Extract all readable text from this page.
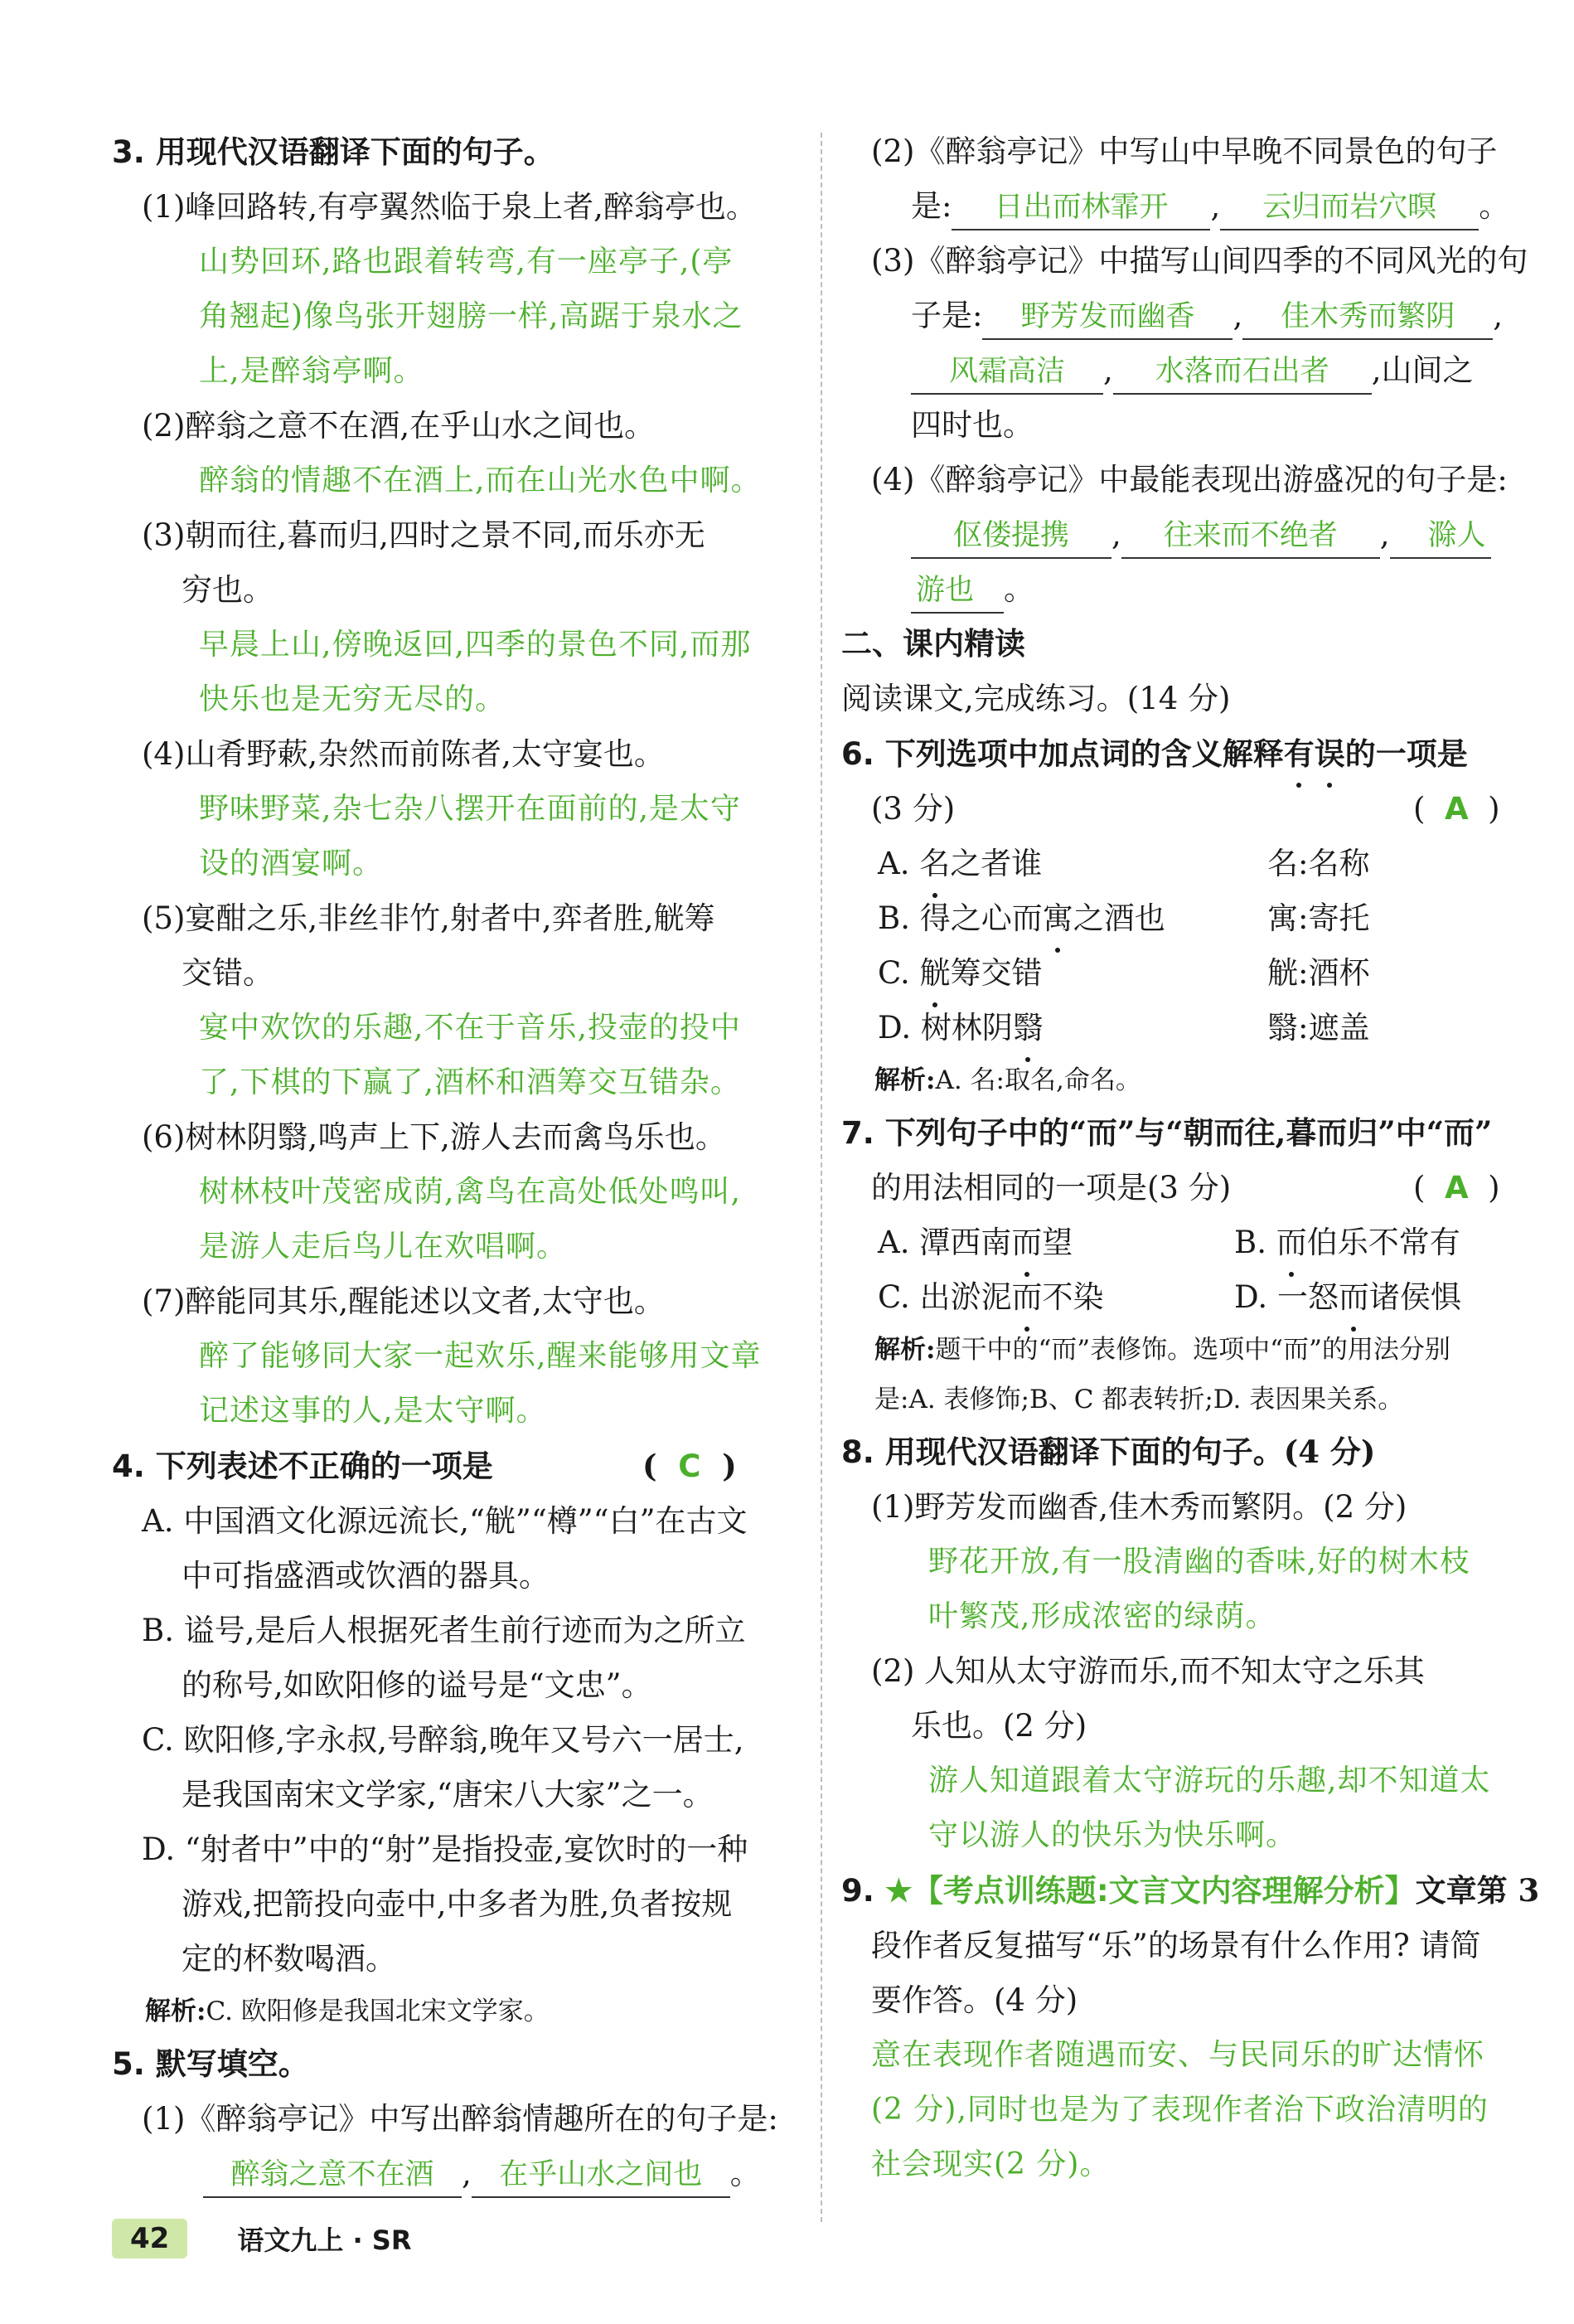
3. 用现代汉语翻译下面的句子。
(1)峰回路转,有亭翼然临于泉上者,醉翁亭也。
山势回环,路也跟着转弯,有一座亭子,(亭
角翘起)像鸟张开翅膀一样,高踞于泉水之
上,是醉翁亭啊。
(2)醉翁之意不在酒,在乎山水之间也。
醉翁的情趣不在酒上,而在山光水色中啊。
(3)朝而往,暮而归,四时之景不同,而乐亦无
穷也。
早晨上山,傍晚返回,四季的景色不同,而那
快乐也是无穷无尽的。
(4)山肴野蔌,杂然而前陈者,太守宴也。
野味野菜,杂七杂八摆开在面前的,是太守
设的酒宴啊。
(5)宴酣之乐,非丝非竹,射者中,弈者胜,觥筹
交错。
宴中欢饮的乐趣,不在于音乐,投壶的投中
了,下棋的下赢了,酒杯和酒筹交互错杂。
(6)树林阴翳,鸣声上下,游人去而禽鸟乐也。
树林枝叶茂密成荫,禽鸟在高处低处鸣叫,
是游人走后鸟儿在欢唱啊。
(7)醉能同其乐,醒能述以文者,太守也。
醉了能够同大家一起欢乐,醒来能够用文章
记述这事的人,是太守啊。
4. 下列表述不正确的一项是	( C )
A. 中国酒文化源远流长,“觥”“樽”“白”在古文
中可指盛酒或饮酒的器具。
B. 谥号,是后人根据死者生前行迹而为之所立
的称号,如欧阳修的谥号是“文忠”。
C. 欧阳修,字永叔,号醉翁,晚年又号六一居士,
是我国南宋文学家,“唐宋八大家”之一。
D. “射者中”中的“射”是指投壶,宴饮时的一种
游戏,把箭投向壶中,中多者为胜,负者按规
定的杯数喝酒。
解析:C. 欧阳修是我国北宋文学家。
5. 默写填空。
(1)《醉翁亭记》中写出醉翁情趣所在的句子是:
醉翁之意不在酒 , 在乎山水之间也 。
(2)《醉翁亭记》中写山中早晚不同景色的句子
是: 日出而林霏开 , 云归而岩穴暝 。
(3)《醉翁亭记》中描写山间四季的不同风光的句
子是: 野芳发而幽香 , 佳木秀而繁阴 ,
风霜高洁 , 水落而石出者 ,山间之
四时也。
(4)《醉翁亭记》中最能表现出游盛况的句子是:
伛偻提携 , 往来而不绝者 , 滁人
游也 。
二、课内精读
阅读课文,完成练习。(14 分)
6. 下列选项中加点词的含义解释有误的一项是
(3 分)	(  A  )
A. 名之者谁	名:名称
B. 得之心而寓之酒也	寓:寄托
C. 觥筹交错	觥:酒杯
D. 树林阴翳	翳:遮盖
解析:A. 名:取名,命名。
7. 下列句子中的“而”与“朝而往,暮而归”中“而”
的用法相同的一项是(3 分)	(  A  )
A. 潭西南而望	B. 而伯乐不常有
C. 出淤泥而不染	D. 一怒而诸侯惧
解析:题干中的“而”表修饰。选项中“而”的用法分别
是:A. 表修饰;B、C 都表转折;D. 表因果关系。
8. 用现代汉语翻译下面的句子。(4 分)
(1)野芳发而幽香,佳木秀而繁阴。(2 分)
野花开放,有一股清幽的香味,好的树木枝
叶繁茂,形成浓密的绿荫。
(2) 人知从太守游而乐,而不知太守之乐其
乐也。(2 分)
游人知道跟着太守游玩的乐趣,却不知道太
守以游人的快乐为快乐啊。
9. ★【考点训练题:文言文内容理解分析】文章第 3
段作者反复描写“乐”的场景有什么作用? 请简
要作答。(4 分)
意在表现作者随遇而安、与民同乐的旷达情怀
(2 分),同时也是为了表现作者治下政治清明的
社会现实(2 分)。
42	语文九上 · SR
